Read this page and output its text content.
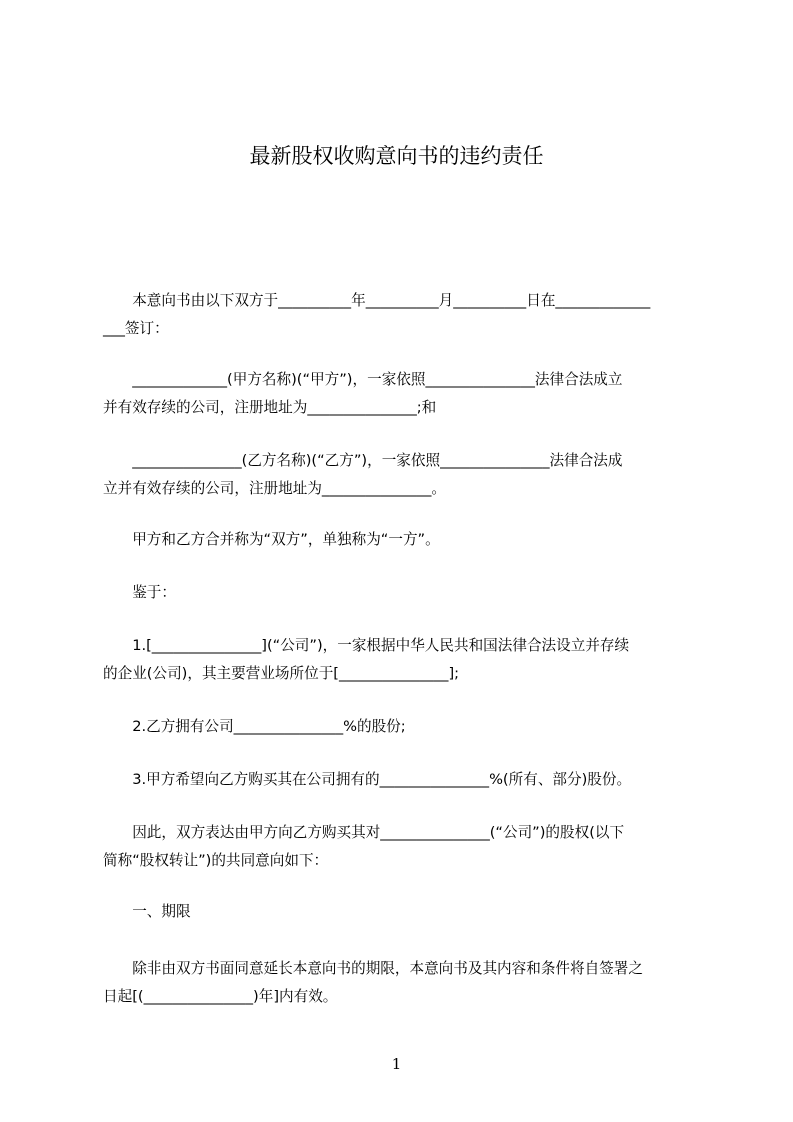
最新股权收购意向书的违约责任

　　本意向书由以下双方于__________年__________月__________日在_____________
___签订：

　　_____________(甲方名称)(“甲方”)，一家依照_______________法律合法成立
并有效存续的公司，注册地址为_______________;和

　　_______________(乙方名称)(“乙方”)，一家依照_______________法律合法成
立并有效存续的公司，注册地址为_______________。

　　甲方和乙方合并称为“双方”，单独称为“一方”。

　　鉴于：

　　1.[_______________](“公司”)，一家根据中华人民共和国法律合法设立并存续
的企业(公司)，其主要营业场所位于[_______________];

　　2.乙方拥有公司_______________%的股份;

　　3.甲方希望向乙方购买其在公司拥有的_______________%(所有、部分)股份。

　　因此，双方表达由甲方向乙方购买其对_______________(“公司”)的股权(以下
简称“股权转让”)的共同意向如下：

　　一、期限

　　除非由双方书面同意延长本意向书的期限，本意向书及其内容和条件将自签署之
日起[(_______________)年]内有效。

1
